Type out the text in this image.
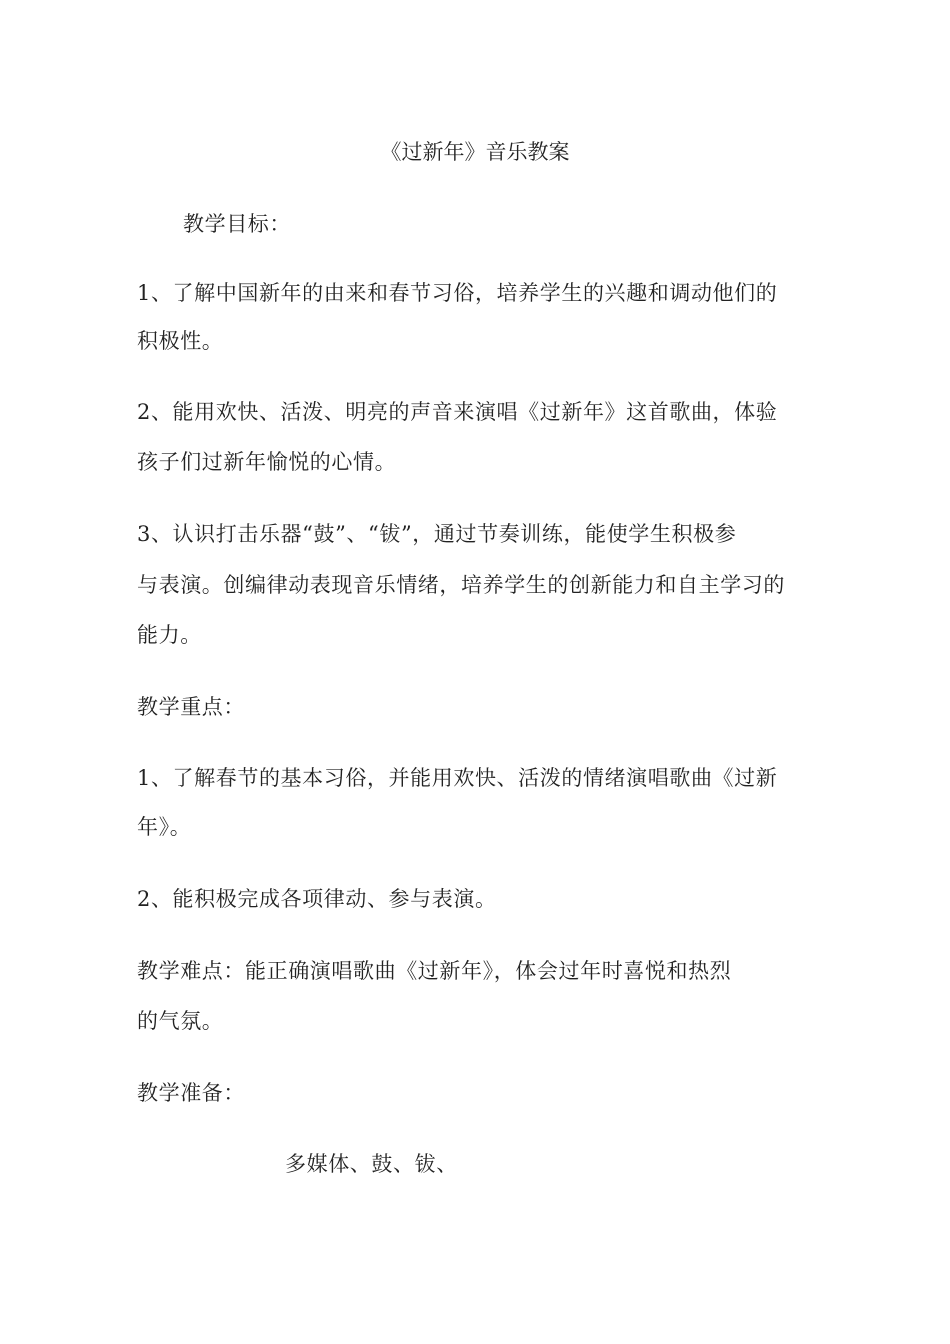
《过新年》音乐教案
教学目标：
1、了解中国新年的由来和春节习俗，培养学生的兴趣和调动他们的
积极性。
2、能用欢快、活泼、明亮的声音来演唱《过新年》这首歌曲，体验
孩子们过新年愉悦的心情。
3、认识打击乐器“鼓”、“钹”，通过节奏训练，能使学生积极参
与表演。创编律动表现音乐情绪，培养学生的创新能力和自主学习的
能力。
教学重点：
1、了解春节的基本习俗，并能用欢快、活泼的情绪演唱歌曲《过新
年》。
2、能积极完成各项律动、参与表演。
教学难点：能正确演唱歌曲《过新年》，体会过年时喜悦和热烈
的气氛。
教学准备：
多媒体、鼓、钹、
